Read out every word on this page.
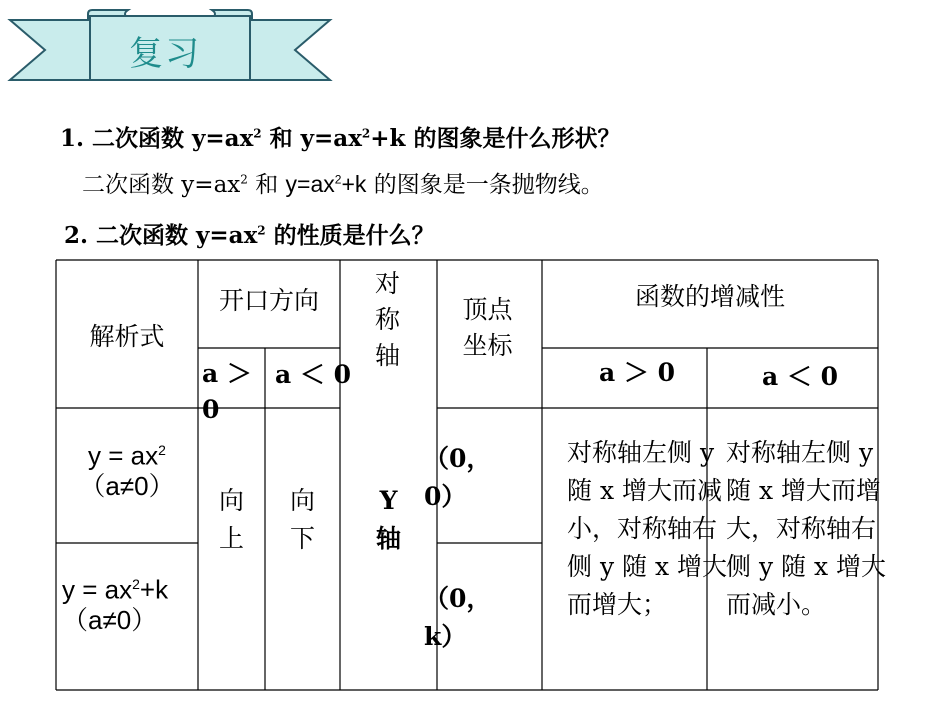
复习
1. 二次函数 $y=ax^2$ 和 $y=ax^2+k$ 的图象是什么形状？
二次函数 $y=ax^2$ 和 $y=ax^2+k$ 的图象是一条抛物线。
2. 二次函数 $y=ax^2$ 的性质是什么？
解析式
开口方向
对称轴
顶点坐标
函数的增减性
a ＞ 0
a ＜ 0	a ＞ 0	a ＜ 0
$y = ax^2$
（a≠0）
$y = ax^2+k$
（a≠0）
向上
向下
Y轴
（0，0）
（0，k）
对称轴左侧 y 随 x 增大而减小，对称轴右侧 y 随 x 增大而增大；
对称轴左侧 y 随 x 增大而增大，对称轴右侧 y 随 x 增大而减小。
